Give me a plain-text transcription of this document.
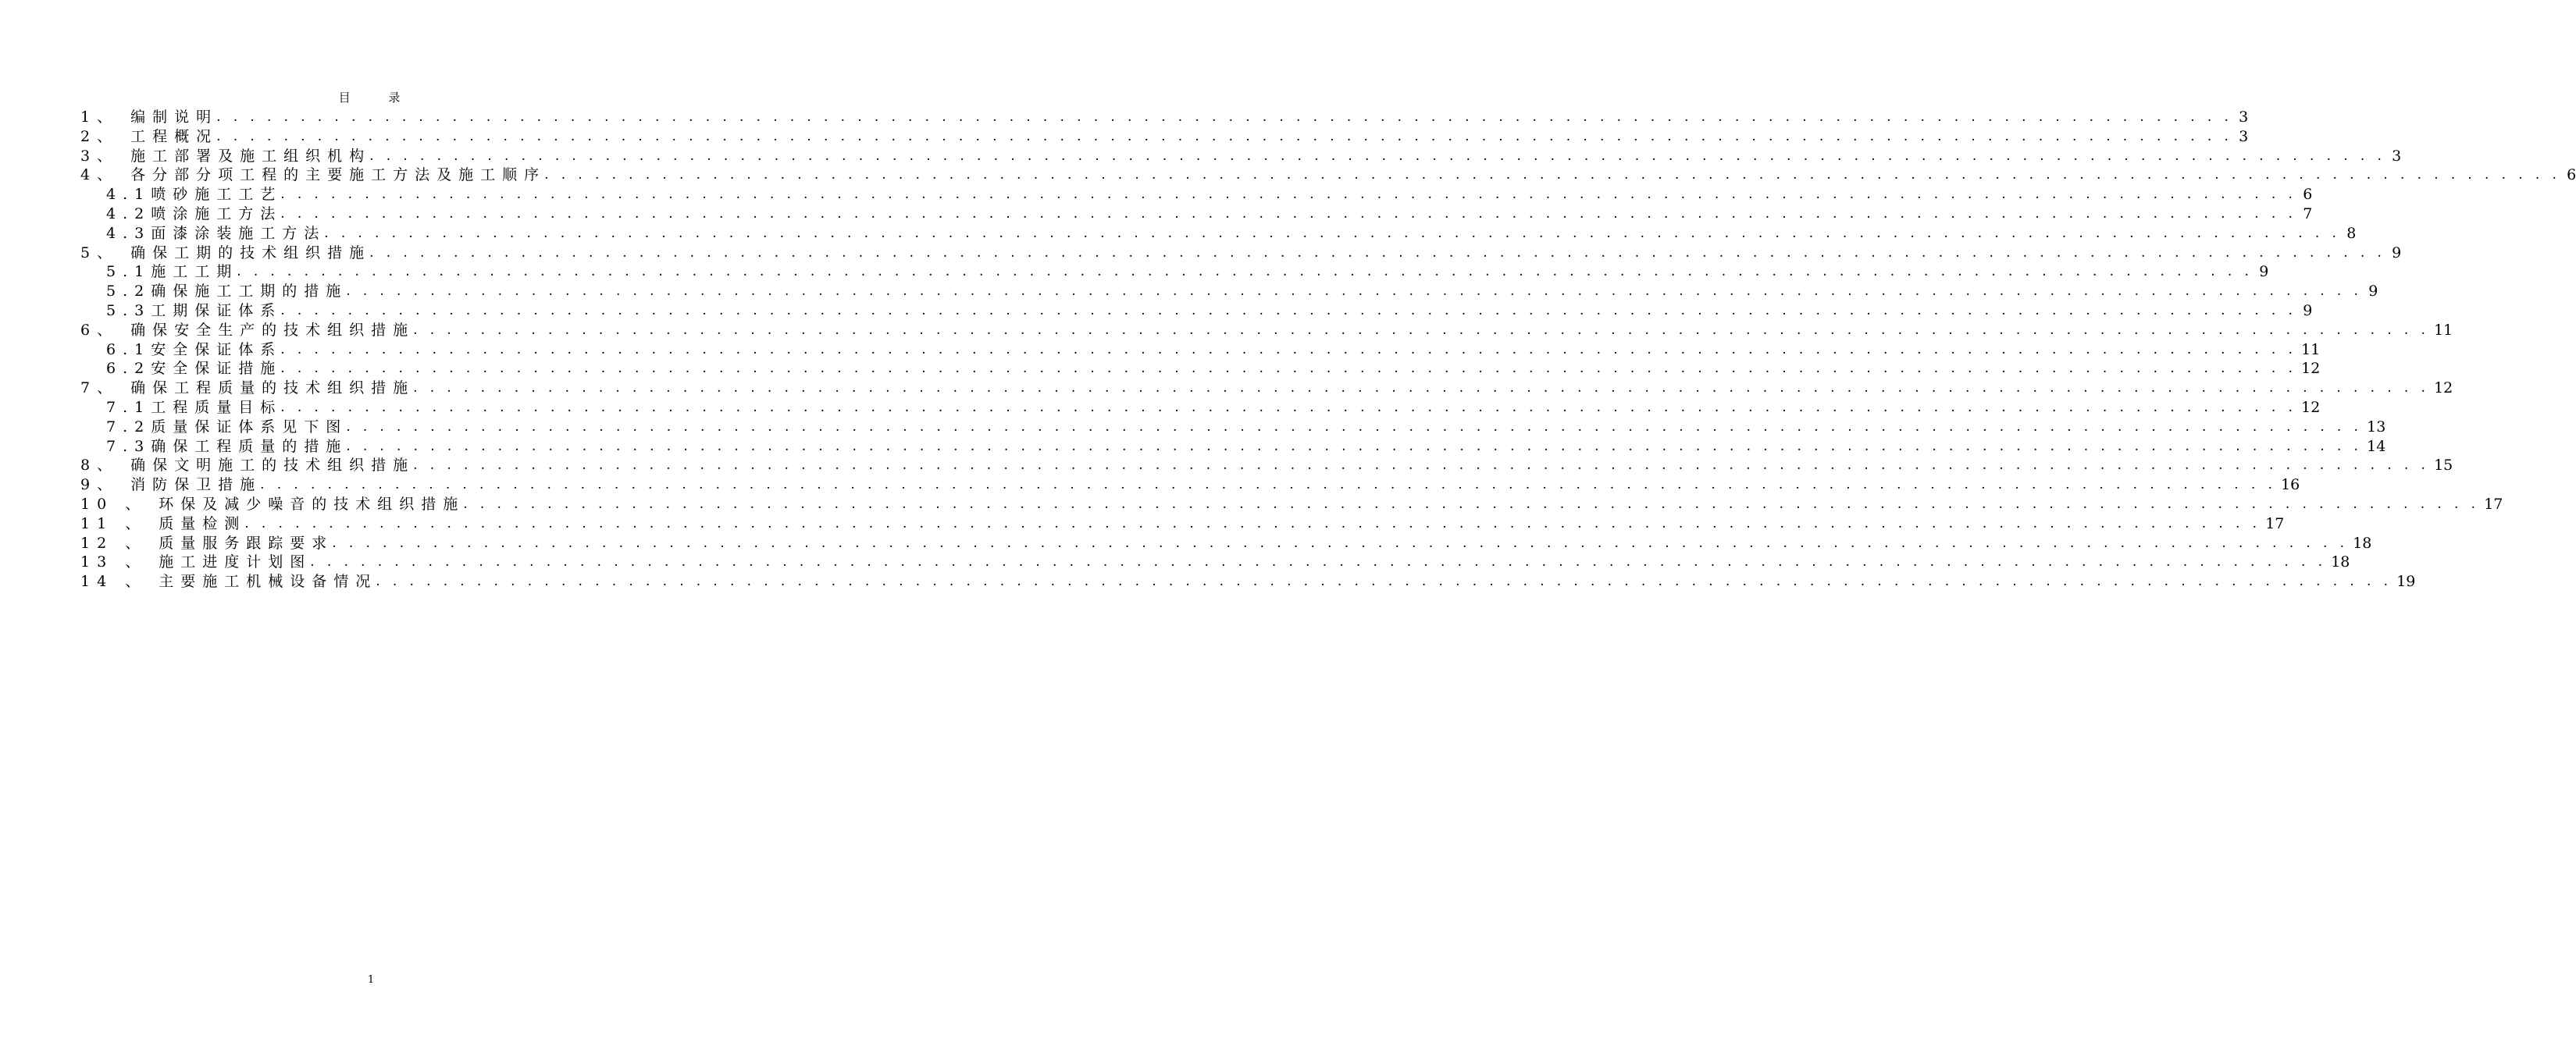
目 录
1、 编制说明
. . . . . . . . . . . . . . . . . . . . . . . . . . . . . . . . . . . . . . . . . . . . . . . . . . . . . . . . . . . . . . . . . . . . . . . . . . . . . . . . . . . . . . . . . . . . . . . . . . . . . . . . . . . . . . . . . . . . . . . . 3
2、 工程概况
. . . . . . . . . . . . . . . . . . . . . . . . . . . . . . . . . . . . . . . . . . . . . . . . . . . . . . . . . . . . . . . . . . . . . . . . . . . . . . . . . . . . . . . . . . . . . . . . . . . . . . . . . . . . . . . . . . . . . . . . 3
3、 施工部署及施工组织机构
. . . . . . . . . . . . . . . . . . . . . . . . . . . . . . . . . . . . . . . . . . . . . . . . . . . . . . . . . . . . . . . . . . . . . . . . . . . . . . . . . . . . . . . . . . . . . . . . . . . . . . . . . . . . . . . . . . . . . . . . 3
4、 各分部分项工程的主要施工方法及施工顺序
. . . . . . . . . . . . . . . . . . . . . . . . . . . . . . . . . . . . . . . . . . . . . . . . . . . . . . . . . . . . . . . . . . . . . . . . . . . . . . . . . . . . . . . . . . . . . . . . . . . . . . . . . . . . . . . . . . . . . . . . 6
4.1喷砂施工工艺
. . . . . . . . . . . . . . . . . . . . . . . . . . . . . . . . . . . . . . . . . . . . . . . . . . . . . . . . . . . . . . . . . . . . . . . . . . . . . . . . . . . . . . . . . . . . . . . . . . . . . . . . . . . . . . . . . . . . . . . . 6
4.2喷涂施工方法
. . . . . . . . . . . . . . . . . . . . . . . . . . . . . . . . . . . . . . . . . . . . . . . . . . . . . . . . . . . . . . . . . . . . . . . . . . . . . . . . . . . . . . . . . . . . . . . . . . . . . . . . . . . . . . . . . . . . . . . . 7
4.3面漆涂装施工方法
. . . . . . . . . . . . . . . . . . . . . . . . . . . . . . . . . . . . . . . . . . . . . . . . . . . . . . . . . . . . . . . . . . . . . . . . . . . . . . . . . . . . . . . . . . . . . . . . . . . . . . . . . . . . . . . . . . . . . . . . 8
5、 确保工期的技术组织措施
. . . . . . . . . . . . . . . . . . . . . . . . . . . . . . . . . . . . . . . . . . . . . . . . . . . . . . . . . . . . . . . . . . . . . . . . . . . . . . . . . . . . . . . . . . . . . . . . . . . . . . . . . . . . . . . . . . . . . . . . 9
5.1施工工期
. . . . . . . . . . . . . . . . . . . . . . . . . . . . . . . . . . . . . . . . . . . . . . . . . . . . . . . . . . . . . . . . . . . . . . . . . . . . . . . . . . . . . . . . . . . . . . . . . . . . . . . . . . . . . . . . . . . . . . . . 9
5.2确保施工工期的措施
. . . . . . . . . . . . . . . . . . . . . . . . . . . . . . . . . . . . . . . . . . . . . . . . . . . . . . . . . . . . . . . . . . . . . . . . . . . . . . . . . . . . . . . . . . . . . . . . . . . . . . . . . . . . . . . . . . . . . . . . 9
5.3工期保证体系
. . . . . . . . . . . . . . . . . . . . . . . . . . . . . . . . . . . . . . . . . . . . . . . . . . . . . . . . . . . . . . . . . . . . . . . . . . . . . . . . . . . . . . . . . . . . . . . . . . . . . . . . . . . . . . . . . . . . . . . . 9
6、 确保安全生产的技术组织措施
. . . . . . . . . . . . . . . . . . . . . . . . . . . . . . . . . . . . . . . . . . . . . . . . . . . . . . . . . . . . . . . . . . . . . . . . . . . . . . . . . . . . . . . . . . . . . . . . . . . . . . . . . . . . . . . . . . . . . . . . 11
6.1安全保证体系
. . . . . . . . . . . . . . . . . . . . . . . . . . . . . . . . . . . . . . . . . . . . . . . . . . . . . . . . . . . . . . . . . . . . . . . . . . . . . . . . . . . . . . . . . . . . . . . . . . . . . . . . . . . . . . . . . . . . . . . . 11
6.2安全保证措施
. . . . . . . . . . . . . . . . . . . . . . . . . . . . . . . . . . . . . . . . . . . . . . . . . . . . . . . . . . . . . . . . . . . . . . . . . . . . . . . . . . . . . . . . . . . . . . . . . . . . . . . . . . . . . . . . . . . . . . . . 12
7、 确保工程质量的技术组织措施
. . . . . . . . . . . . . . . . . . . . . . . . . . . . . . . . . . . . . . . . . . . . . . . . . . . . . . . . . . . . . . . . . . . . . . . . . . . . . . . . . . . . . . . . . . . . . . . . . . . . . . . . . . . . . . . . . . . . . . . . 12
7.1工程质量目标
. . . . . . . . . . . . . . . . . . . . . . . . . . . . . . . . . . . . . . . . . . . . . . . . . . . . . . . . . . . . . . . . . . . . . . . . . . . . . . . . . . . . . . . . . . . . . . . . . . . . . . . . . . . . . . . . . . . . . . . . 12
7.2质量保证体系见下图
. . . . . . . . . . . . . . . . . . . . . . . . . . . . . . . . . . . . . . . . . . . . . . . . . . . . . . . . . . . . . . . . . . . . . . . . . . . . . . . . . . . . . . . . . . . . . . . . . . . . . . . . . . . . . . . . . . . . . . . . 13
7.3确保工程质量的措施
. . . . . . . . . . . . . . . . . . . . . . . . . . . . . . . . . . . . . . . . . . . . . . . . . . . . . . . . . . . . . . . . . . . . . . . . . . . . . . . . . . . . . . . . . . . . . . . . . . . . . . . . . . . . . . . . . . . . . . . . 14
8、 确保文明施工的技术组织措施
. . . . . . . . . . . . . . . . . . . . . . . . . . . . . . . . . . . . . . . . . . . . . . . . . . . . . . . . . . . . . . . . . . . . . . . . . . . . . . . . . . . . . . . . . . . . . . . . . . . . . . . . . . . . . . . . . . . . . . . . 15
9、 消防保卫措施
. . . . . . . . . . . . . . . . . . . . . . . . . . . . . . . . . . . . . . . . . . . . . . . . . . . . . . . . . . . . . . . . . . . . . . . . . . . . . . . . . . . . . . . . . . . . . . . . . . . . . . . . . . . . . . . . . . . . . . . . 16
10 、 环保及减少噪音的技术组织措施
. . . . . . . . . . . . . . . . . . . . . . . . . . . . . . . . . . . . . . . . . . . . . . . . . . . . . . . . . . . . . . . . . . . . . . . . . . . . . . . . . . . . . . . . . . . . . . . . . . . . . . . . . . . . . . . . . . . . . . . . 17
11 、 质量检测
. . . . . . . . . . . . . . . . . . . . . . . . . . . . . . . . . . . . . . . . . . . . . . . . . . . . . . . . . . . . . . . . . . . . . . . . . . . . . . . . . . . . . . . . . . . . . . . . . . . . . . . . . . . . . . . . . . . . . . . . 17
12 、 质量服务跟踪要求
. . . . . . . . . . . . . . . . . . . . . . . . . . . . . . . . . . . . . . . . . . . . . . . . . . . . . . . . . . . . . . . . . . . . . . . . . . . . . . . . . . . . . . . . . . . . . . . . . . . . . . . . . . . . . . . . . . . . . . . . 18
13 、 施工进度计划图
. . . . . . . . . . . . . . . . . . . . . . . . . . . . . . . . . . . . . . . . . . . . . . . . . . . . . . . . . . . . . . . . . . . . . . . . . . . . . . . . . . . . . . . . . . . . . . . . . . . . . . . . . . . . . . . . . . . . . . . . 18
14 、 主要施工机械设备情况
. . . . . . . . . . . . . . . . . . . . . . . . . . . . . . . . . . . . . . . . . . . . . . . . . . . . . . . . . . . . . . . . . . . . . . . . . . . . . . . . . . . . . . . . . . . . . . . . . . . . . . . . . . . . . . . . . . . . . . . . 19
1
